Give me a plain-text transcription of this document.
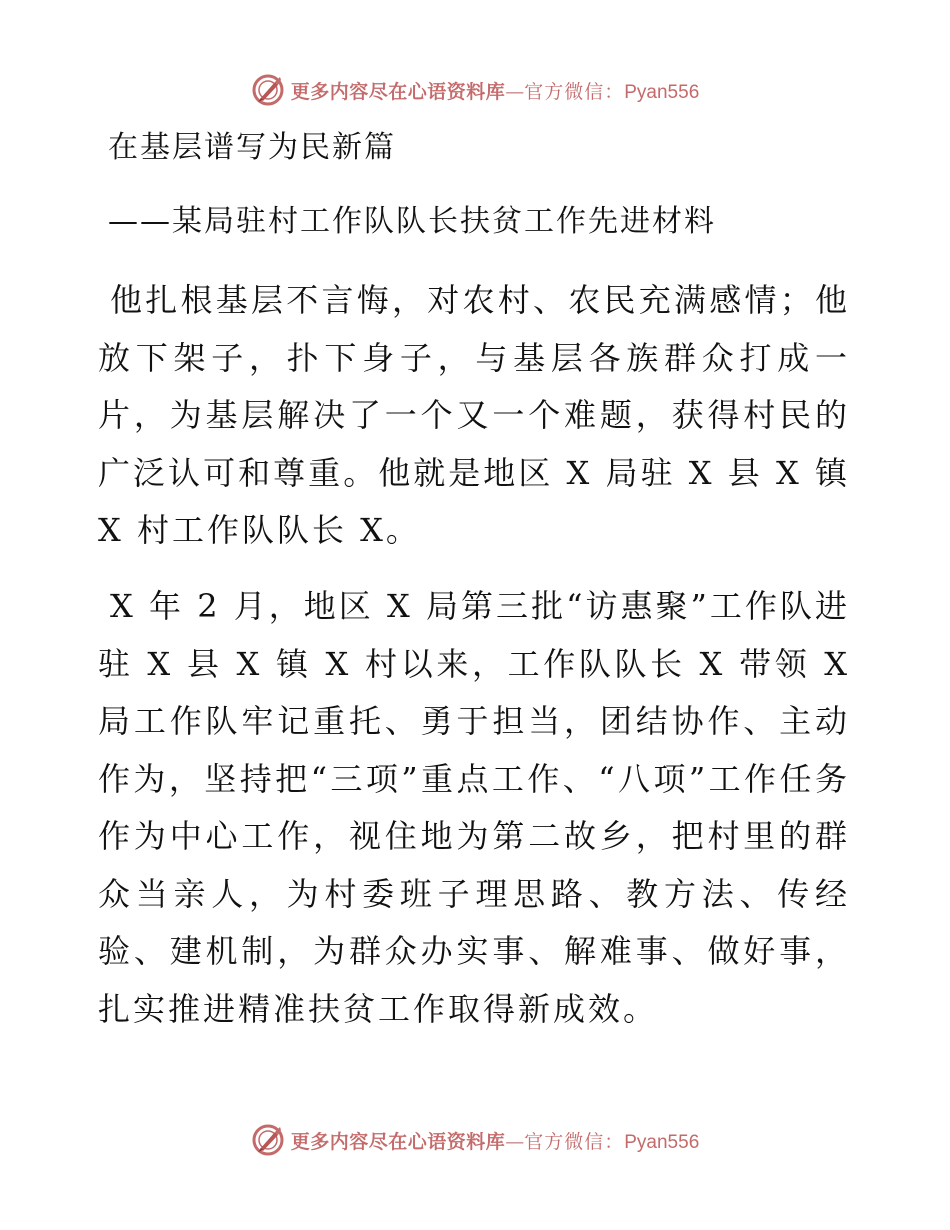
更多内容尽在心语资料库 — 官方微信： Pyan556
在基层谱写为民新篇
——某局驻村工作队队长扶贫工作先进材料

他扎根基层不言悔，对农村、农民充满感情；他放下架子，扑下身子，与基层各族群众打成一片，为基层解决了一个又一个难题，获得村民的广泛认可和尊重。他就是地区 X 局驻 X 县 X 镇 X 村工作队队长 X。

X 年 2 月，地区 X 局第三批“访惠聚”工作队进驻 X 县 X 镇 X 村以来，工作队队长 X 带领 X 局工作队牢记重托、勇于担当，团结协作、主动作为，坚持把“三项”重点工作、“八项”工作任务作为中心工作，视住地为第二故乡，把村里的群众当亲人，为村委班子理思路、教方法、传经验、建机制，为群众办实事、解难事、做好事，扎实推进精准扶贫工作取得新成效。

更多内容尽在心语资料库 — 官方微信： Pyan556
